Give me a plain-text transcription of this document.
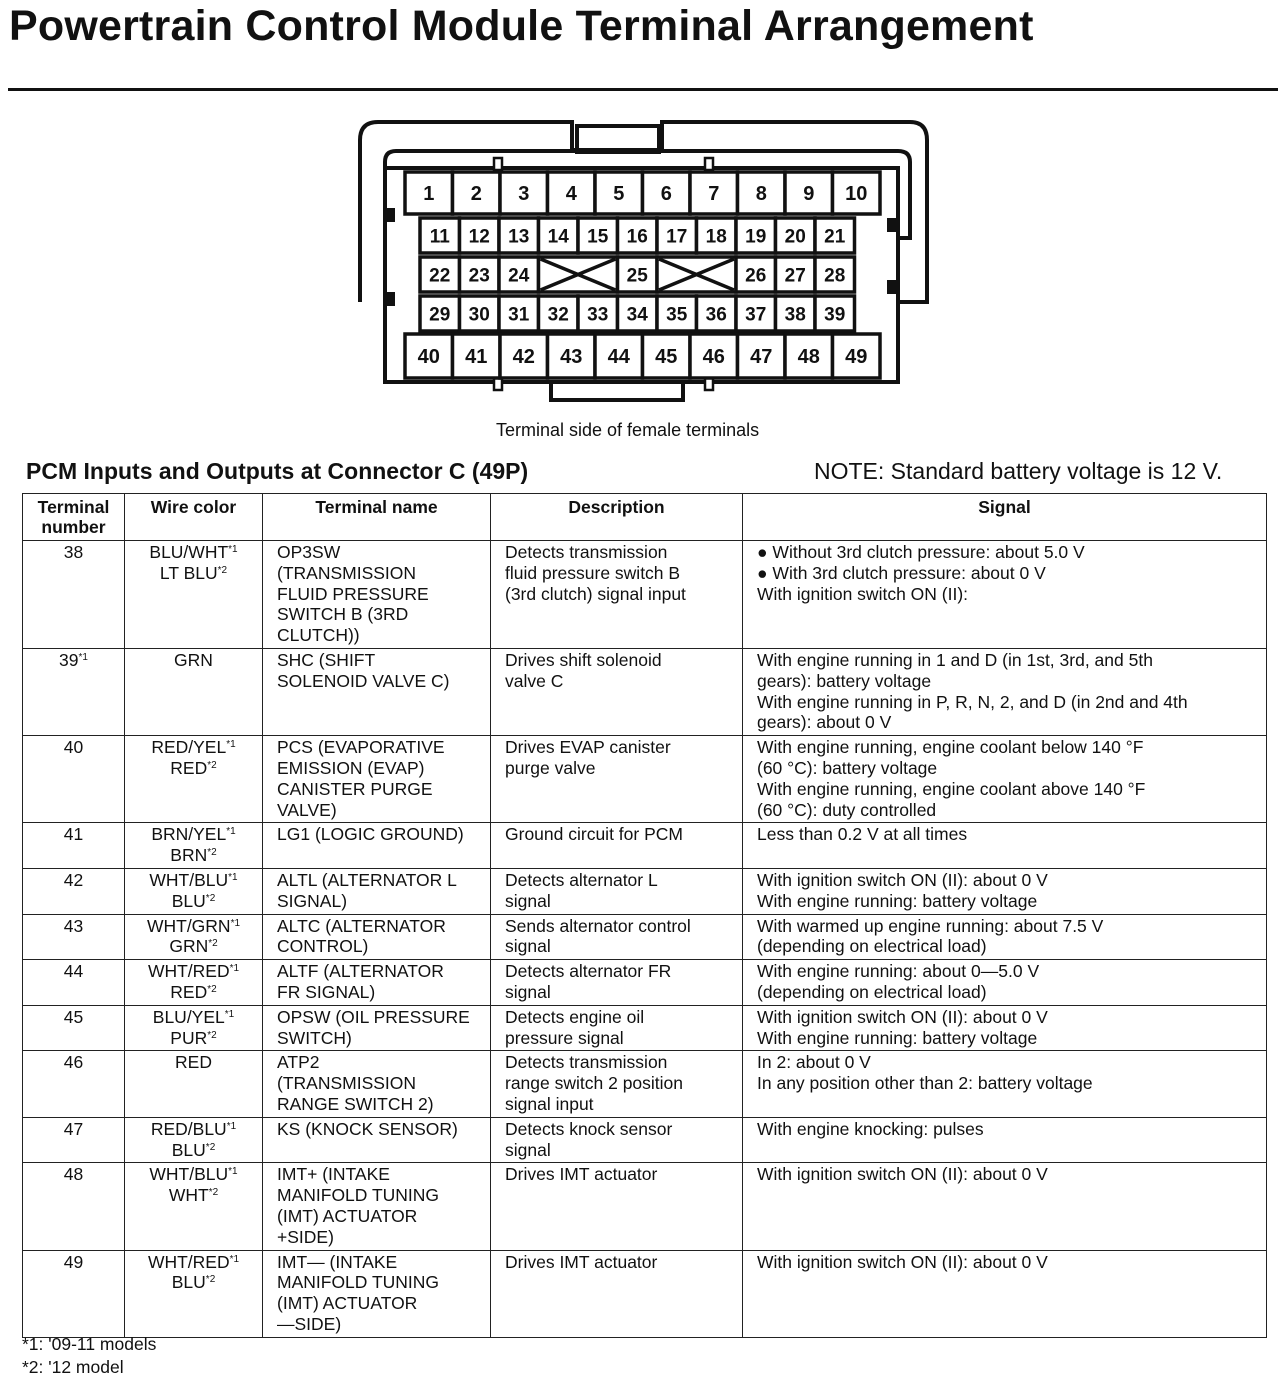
Powertrain Control Module Terminal Arrangement
1 2 3 4 5 6 7 8 9 10
11 12 13 14 15 16 17 18 19 20 21
22 23 24	25	26 27 28
29 30 31 32 33 34 35 36 37 38 39
40 41 42 43 44 45 46 47 48 49
Terminal side of female terminals
PCM Inputs and Outputs at Connector C (49P)	NOTE: Standard battery voltage is 12 V.
Terminal number	Wire color	Terminal name	Description	Signal
38	BLU/WHT$^{*1}$
LT BLU$^{*2}$	OP3SW
(TRANSMISSION
FLUID PRESSURE
SWITCH B (3RD
CLUTCH))	Detects transmission
fluid pressure switch B
(3rd clutch) signal input	● Without 3rd clutch pressure: about 5.0 V
● With 3rd clutch pressure: about 0 V
With ignition switch ON (II):

39$^{*1}$	GRN	SHC (SHIFT
SOLENOID VALVE C)	Drives shift solenoid
valve C	With engine running in 1 and D (in 1st, 3rd, and 5th
gears): battery voltage
With engine running in P, R, N, 2, and D (in 2nd and 4th
gears): about 0 V

40	RED/YEL$^{*1}$
RED$^{*2}$	PCS (EVAPORATIVE
EMISSION (EVAP)
CANISTER PURGE
VALVE)	Drives EVAP canister
purge valve	With engine running, engine coolant below 140 °F
(60 °C): battery voltage
With engine running, engine coolant above 140 °F
(60 °C): duty controlled

41	BRN/YEL$^{*1}$
BRN$^{*2}$	LG1 (LOGIC GROUND)	Ground circuit for PCM	Less than 0.2 V at all times

42	WHT/BLU$^{*1}$
BLU$^{*2}$	ALTL (ALTERNATOR L
SIGNAL)	Detects alternator L
signal	With ignition switch ON (II): about 0 V
With engine running: battery voltage

43	WHT/GRN$^{*1}$
GRN$^{*2}$	ALTC (ALTERNATOR
CONTROL)	Sends alternator control
signal	With warmed up engine running: about 7.5 V
(depending on electrical load)

44	WHT/RED$^{*1}$
RED$^{*2}$	ALTF (ALTERNATOR
FR SIGNAL)	Detects alternator FR
signal	With engine running: about 0—5.0 V
(depending on electrical load)

45	BLU/YEL$^{*1}$
PUR$^{*2}$	OPSW (OIL PRESSURE
SWITCH)	Detects engine oil
pressure signal	With ignition switch ON (II): about 0 V
With engine running: battery voltage

46	RED	ATP2
(TRANSMISSION
RANGE SWITCH 2)	Detects transmission
range switch 2 position
signal input	In 2: about 0 V
In any position other than 2: battery voltage

47	RED/BLU$^{*1}$
BLU$^{*2}$	KS (KNOCK SENSOR)	Detects knock sensor
signal	With engine knocking: pulses

48	WHT/BLU$^{*1}$
WHT$^{*2}$	IMT+ (INTAKE
MANIFOLD TUNING
(IMT) ACTUATOR
+SIDE)	Drives IMT actuator	With ignition switch ON (II): about 0 V

49	WHT/RED$^{*1}$
BLU$^{*2}$	IMT— (INTAKE
MANIFOLD TUNING
(IMT) ACTUATOR
—SIDE)	Drives IMT actuator	With ignition switch ON (II): about 0 V
*1: '09-11 models
*2: '12 model
